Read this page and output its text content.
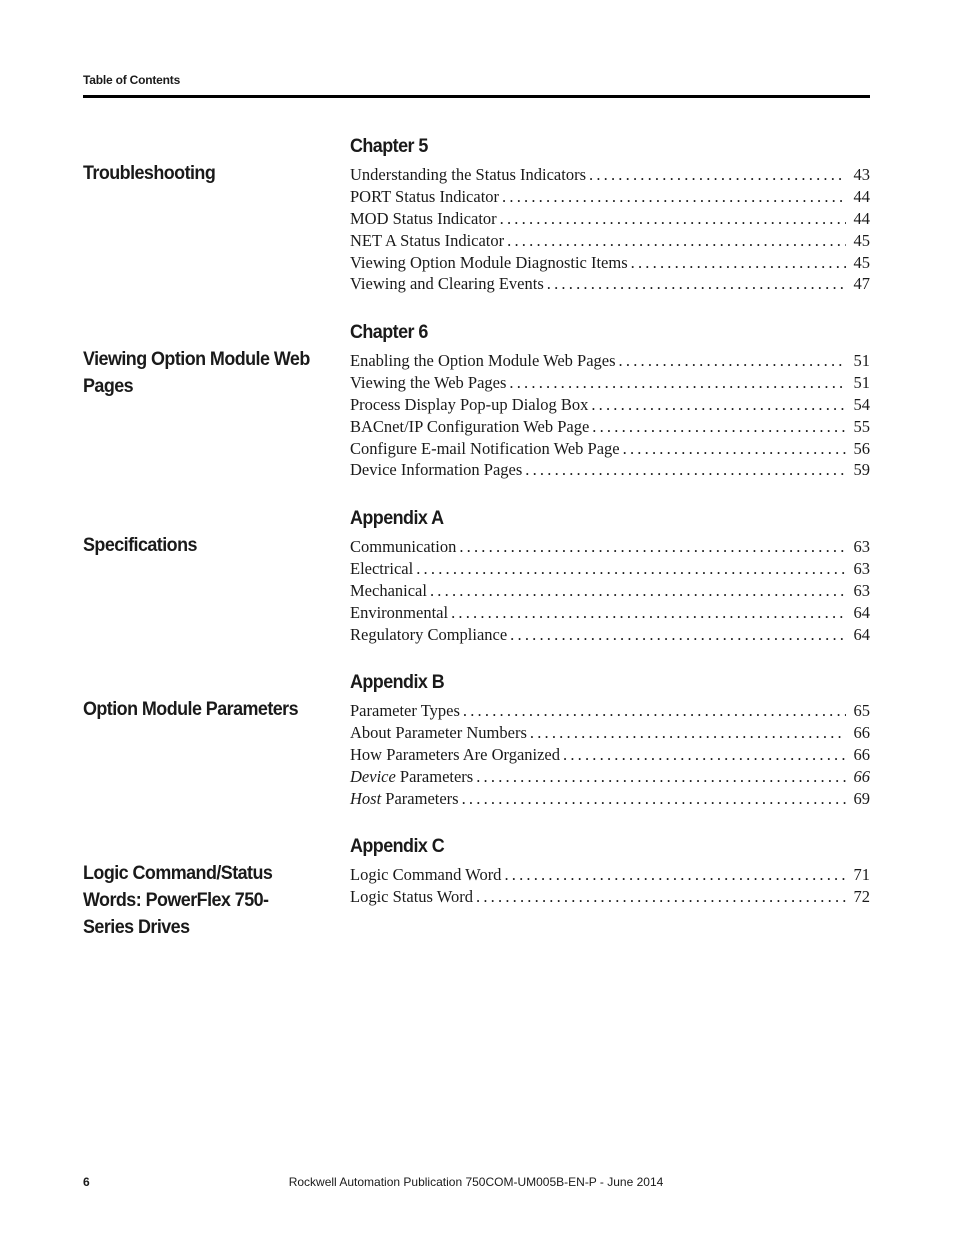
Table of Contents
Troubleshooting
Chapter 5
Understanding the Status Indicators .....	43
PORT Status Indicator .....	44
MOD Status Indicator .....	44
NET A Status Indicator .....	45
Viewing Option Module Diagnostic Items .....	45
Viewing and Clearing Events .....	47
Viewing Option Module Web Pages
Chapter 6
Enabling the Option Module Web Pages .....	51
Viewing the Web Pages .....	51
Process Display Pop-up Dialog Box .....	54
BACnet/IP Configuration Web Page .....	55
Configure E-mail Notification Web Page .....	56
Device Information Pages .....	59
Specifications
Appendix A
Communication .....	63
Electrical .....	63
Mechanical .....	63
Environmental .....	64
Regulatory Compliance .....	64
Option Module Parameters
Appendix B
Parameter Types .....	65
About Parameter Numbers .....	66
How Parameters Are Organized .....	66
Device Parameters .....	66
Host Parameters .....	69
Logic Command/Status Words: PowerFlex 750-Series Drives
Appendix C
Logic Command Word .....	71
Logic Status Word .....	72
6	Rockwell Automation Publication 750COM-UM005B-EN-P - June 2014
